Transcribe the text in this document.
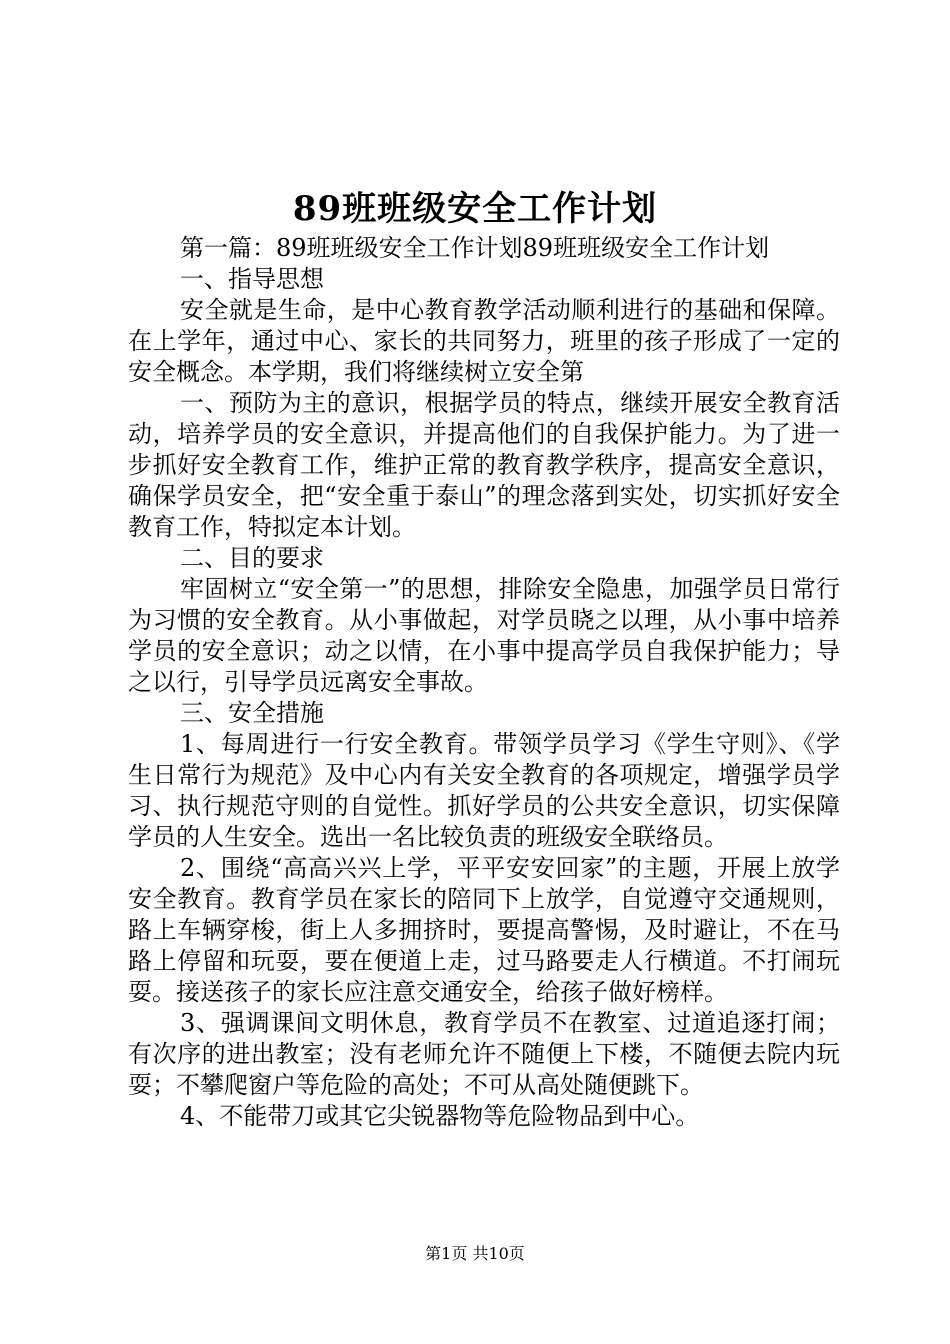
89班班级安全工作计划

第一篇：89班班级安全工作计划89班班级安全工作计划

一、指导思想

安全就是生命，是中心教育教学活动顺利进行的基础和保障。在上学年，通过中心、家长的共同努力，班里的孩子形成了一定的安全概念。本学期，我们将继续树立安全第

一、预防为主的意识，根据学员的特点，继续开展安全教育活动，培养学员的安全意识，并提高他们的自我保护能力。为了进一步抓好安全教育工作，维护正常的教育教学秩序，提高安全意识，确保学员安全，把“安全重于泰山”的理念落到实处，切实抓好安全教育工作，特拟定本计划。

二、目的要求

牢固树立“安全第一”的思想，排除安全隐患，加强学员日常行为习惯的安全教育。从小事做起，对学员晓之以理，从小事中培养学员的安全意识；动之以情，在小事中提高学员自我保护能力；导之以行，引导学员远离安全事故。

三、安全措施

1、每周进行一行安全教育。带领学员学习《学生守则》、《学生日常行为规范》及中心内有关安全教育的各项规定，增强学员学习、执行规范守则的自觉性。抓好学员的公共安全意识，切实保障学员的人生安全。选出一名比较负责的班级安全联络员。

2、围绕“高高兴兴上学，平平安安回家”的主题，开展上放学安全教育。教育学员在家长的陪同下上放学，自觉遵守交通规则，路上车辆穿梭，街上人多拥挤时，要提高警惕，及时避让，不在马路上停留和玩耍，要在便道上走，过马路要走人行横道。不打闹玩耍。接送孩子的家长应注意交通安全，给孩子做好榜样。

3、强调课间文明休息，教育学员不在教室、过道追逐打闹；有次序的进出教室；没有老师允许不随便上下楼，不随便去院内玩耍；不攀爬窗户等危险的高处；不可从高处随便跳下。

4、不能带刀或其它尖锐器物等危险物品到中心。

第1页 共10页
